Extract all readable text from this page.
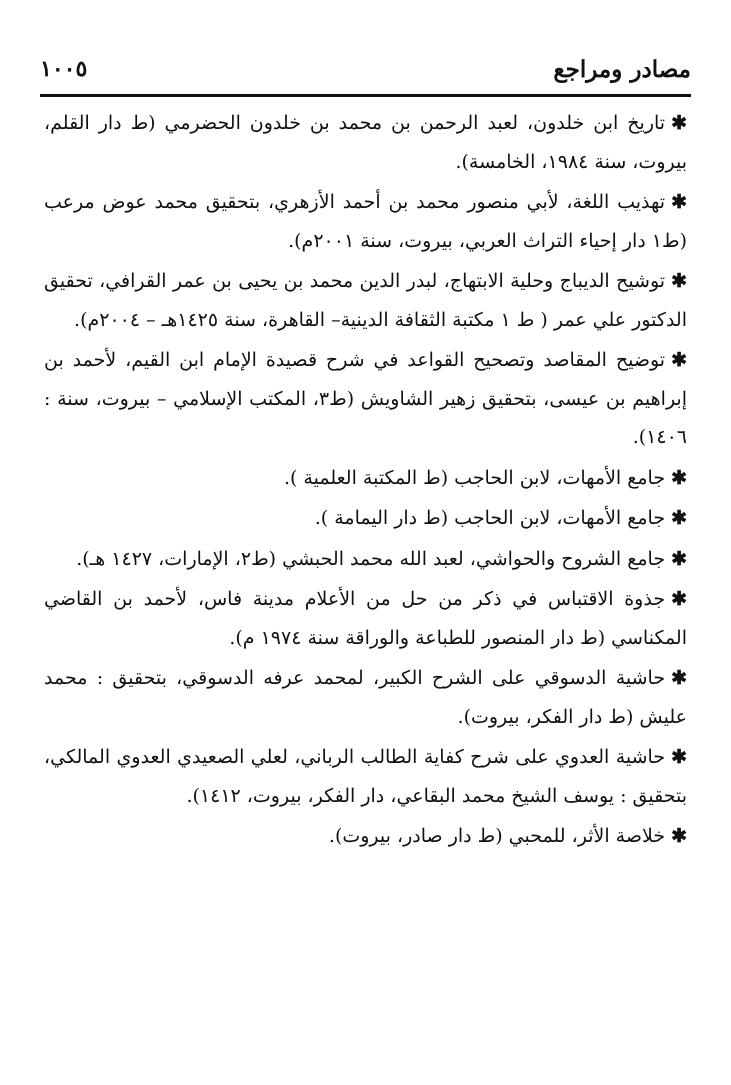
مصادر ومراجع
١٠٠٥

✱تاريخ ابن خلدون، لعبد الرحمن بن محمد بن خلدون الحضرمي (ط دار القلم، بيروت، سنة ١٩٨٤، الخامسة).

✱تهذيب اللغة، لأبي منصور محمد بن أحمد الأزهري، بتحقيق محمد عوض مرعب (ط١ دار إحياء التراث العربي، بيروت، سنة ٢٠٠١م).

✱توشيح الديباج وحلية الابتهاج، لبدر الدين محمد بن يحيى بن عمر القرافي، تحقيق الدكتور علي عمر ( ط ١ مكتبة الثقافة الدينية– القاهرة، سنة ١٤٢٥هـ – ٢٠٠٤م).

✱توضيح المقاصد وتصحيح القواعد في شرح قصيدة الإمام ابن القيم، لأحمد بن إبراهيم بن عيسى، بتحقيق زهير الشاويش (ط٣، المكتب الإسلامي – بيروت، سنة : ١٤٠٦).

✱جامع الأمهات، لابن الحاجب (ط المكتبة العلمية ).

✱جامع الأمهات، لابن الحاجب (ط دار اليمامة ).

✱جامع الشروح والحواشي، لعبد الله محمد الحبشي (ط٢، الإمارات، ١٤٢٧ هـ).

✱جذوة الاقتباس في ذكر من حل من الأعلام مدينة فاس، لأحمد بن القاضي المكناسي (ط دار المنصور للطباعة والوراقة سنة ١٩٧٤ م).

✱حاشية الدسوقي على الشرح الكبير، لمحمد عرفه الدسوقي، بتحقيق : محمد عليش (ط دار الفكر، بيروت).

✱حاشية العدوي على شرح كفاية الطالب الرباني، لعلي الصعيدي العدوي المالكي، بتحقيق : يوسف الشيخ محمد البقاعي، دار الفكر، بيروت، ١٤١٢).

✱خلاصة الأثر، للمحبي (ط دار صادر، بيروت).
